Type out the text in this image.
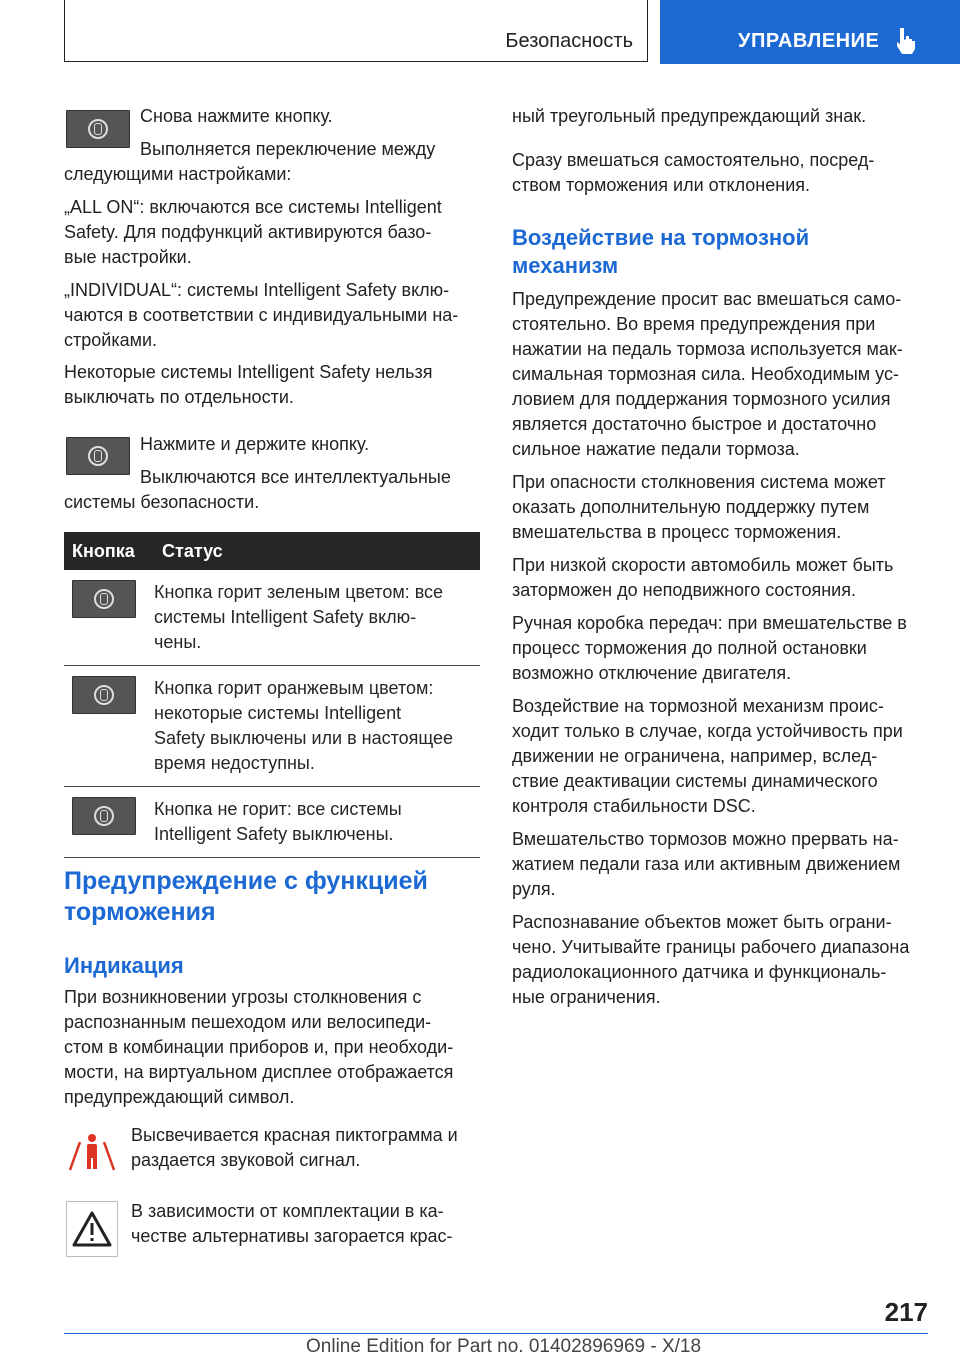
Безопасность	УПРАВЛЕНИЕ

Снова нажмите кнопку.

Выполняется переключение между

следующими настройками:

„ALL ON“: включаются все системы Intelligent

Safety. Для подфункций активируются базо-

вые настройки.

„INDIVIDUAL“: системы Intelligent Safety вклю-

чаются в соответствии с индивидуальными на-

стройками.

Некоторые системы Intelligent Safety нельзя

выключать по отдельности.

Нажмите и держите кнопку.

Выключаются все интеллектуальные

системы безопасности.

Кнопка	Статус

	Кнопка горит зеленым цветом: все
системы Intelligent Safety вклю-
чены.

	Кнопка горит оранжевым цветом:
некоторые системы Intelligent
Safety выключены или в настоящее
время недоступны.

	Кнопка не горит: все системы
Intelligent Safety выключены.

Предупреждение с функцией

торможения

Индикация

При возникновении угрозы столкновения с

распознанным пешеходом или велосипеди-

стом в комбинации приборов и, при необходи-

мости, на виртуальном дисплее отображается

предупреждающий символ.

Высвечивается красная пиктограмма и

раздается звуковой сигнал.

В зависимости от комплектации в ка-

честве альтернативы загорается крас-

ный треугольный предупреждающий знак.

Сразу вмешаться самостоятельно, посред-

ством торможения или отклонения.

Воздействие на тормозной

механизм

Предупреждение просит вас вмешаться само-

стоятельно. Во время предупреждения при

нажатии на педаль тормоза используется мак-

симальная тормозная сила. Необходимым ус-

ловием для поддержания тормозного усилия

является достаточно быстрое и достаточно

сильное нажатие педали тормоза.

При опасности столкновения система может

оказать дополнительную поддержку путем

вмешательства в процесс торможения.

При низкой скорости автомобиль может быть

заторможен до неподвижного состояния.

Ручная коробка передач: при вмешательстве в

процесс торможения до полной остановки

возможно отключение двигателя.

Воздействие на тормозной механизм проис-

ходит только в случае, когда устойчивость при

движении не ограничена, например, вслед-

ствие деактивации системы динамического

контроля стабильности DSC.

Вмешательство тормозов можно прервать на-

жатием педали газа или активным движением

руля.

Распознавание объектов может быть ограни-

чено. Учитывайте границы рабочего диапазона

радиолокационного датчика и функциональ-

ные ограничения.

217
Online Edition for Part no. 01402896969 - X/18
